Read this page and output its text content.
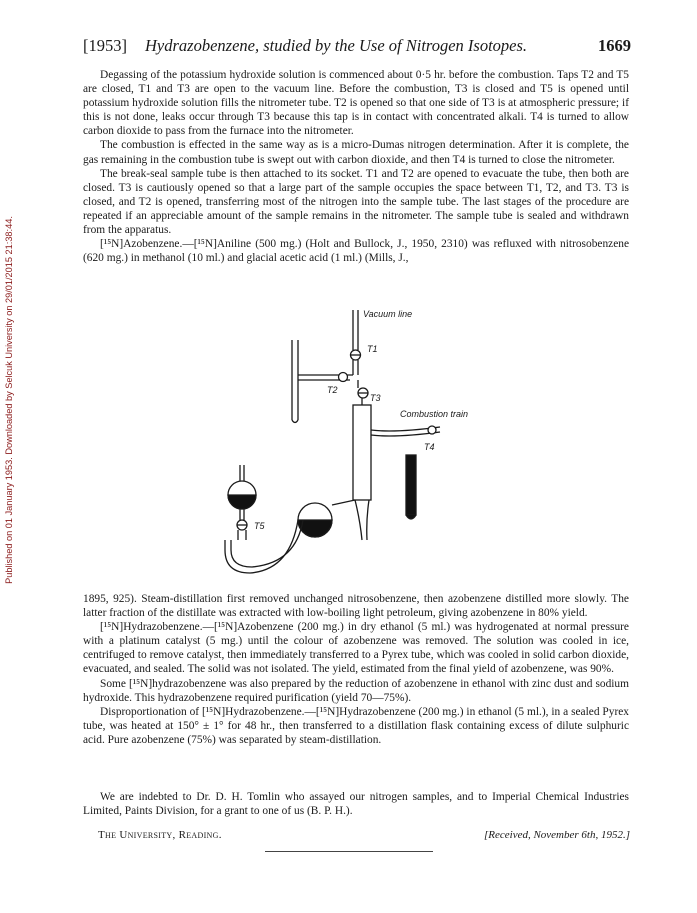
Published on 01 January 1953. Downloaded by Selcuk University on 29/01/2015 21:38:44.
[1953] Hydrazobenzene, studied by the Use of Nitrogen Isotopes.	1669

Degassing of the potassium hydroxide solution is commenced about 0·5 hr. before the combustion. Taps T2 and T5 are closed, T1 and T3 are open to the vacuum line. Before the combustion, T3 is closed and T5 is opened until potassium hydroxide solution fills the nitrometer tube. T2 is opened so that one side of T3 is at atmospheric pressure; if this is not done, leaks occur through T3 because this tap is in contact with concentrated alkali. T4 is turned to allow carbon dioxide to pass from the furnace into the nitrometer.

The combustion is effected in the same way as is a micro-Dumas nitrogen determination. After it is complete, the gas remaining in the combustion tube is swept out with carbon dioxide, and then T4 is turned to close the nitrometer.

The break-seal sample tube is then attached to its socket. T1 and T2 are opened to evacuate the tube, then both are closed. T3 is cautiously opened so that a large part of the sample occupies the space between T1, T2, and T3. T3 is closed, and T2 is opened, transferring most of the nitrogen into the sample tube. The last stages of the procedure are repeated if an appreciable amount of the sample remains in the nitrometer. The sample tube is sealed and withdrawn from the apparatus.

[¹⁵N]Azobenzene.—[¹⁵N]Aniline (500 mg.) (Holt and Bullock, J., 1950, 2310) was refluxed with nitrosobenzene (620 mg.) in methanol (10 ml.) and glacial acetic acid (1 ml.) (Mills, J.,

Vacuum line
T1
T2
T3
Combustion train
T4
T5

1895, 925). Steam-distillation first removed unchanged nitrosobenzene, then azobenzene distilled more slowly. The latter fraction of the distillate was extracted with low-boiling light petroleum, giving azobenzene in 80% yield.

[¹⁵N]Hydrazobenzene.—[¹⁵N]Azobenzene (200 mg.) in dry ethanol (5 ml.) was hydrogenated at normal pressure with a platinum catalyst (5 mg.) until the colour of azobenzene was removed. The solution was cooled in ice, centrifuged to remove catalyst, then immediately transferred to a Pyrex tube, which was cooled in solid carbon dioxide, evacuated, and sealed. The solid was not isolated. The yield, estimated from the final yield of azobenzene, was 90%.

Some [¹⁵N]hydrazobenzene was also prepared by the reduction of azobenzene in ethanol with zinc dust and sodium hydroxide. This hydrazobenzene required purification (yield 70—75%).

Disproportionation of [¹⁵N]Hydrazobenzene.—[¹⁵N]Hydrazobenzene (200 mg.) in ethanol (5 ml.), in a sealed Pyrex tube, was heated at 150° ± 1° for 48 hr., then transferred to a distillation flask containing excess of dilute sulphuric acid. Pure azobenzene (75%) was separated by steam-distillation.

We are indebted to Dr. D. H. Tomlin who assayed our nitrogen samples, and to Imperial Chemical Industries Limited, Paints Division, for a grant to one of us (B. P. H.).

The University, Reading.	[Received, November 6th, 1952.]
